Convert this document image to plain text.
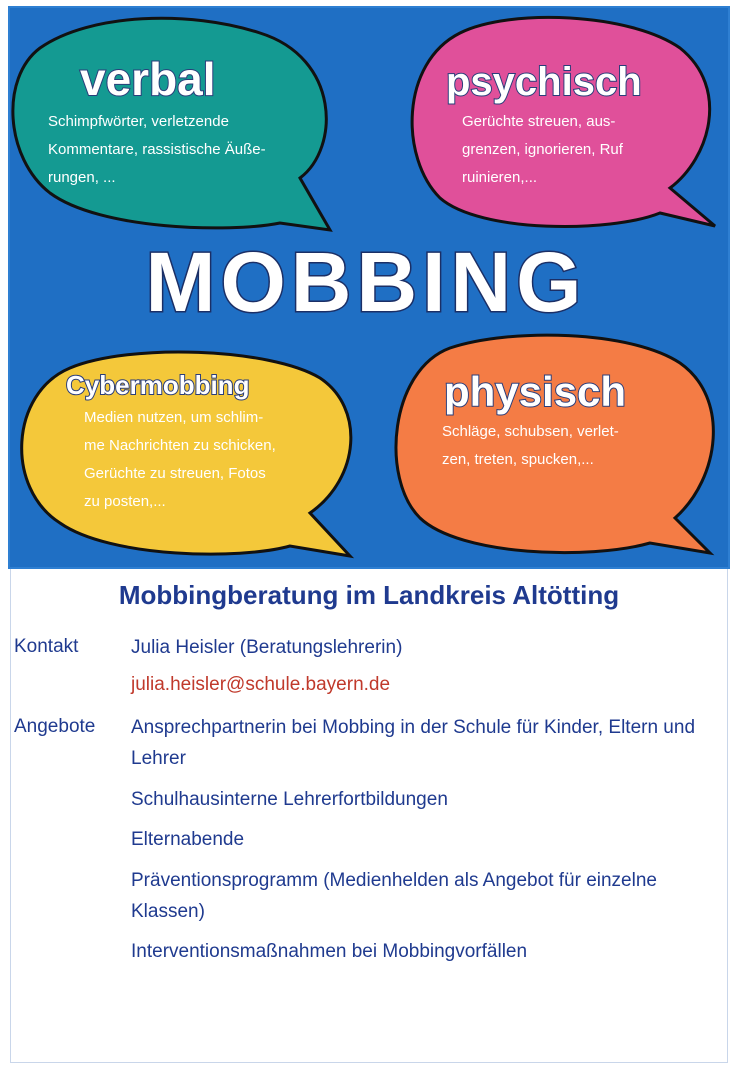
verbal
Schimpfwörter, verletzende
Kommentare, rassistische Äuße-
rungen, ...
psychisch
Gerüchte streuen, aus-
grenzen, ignorieren, Ruf
ruinieren,...
MOBBING
Cybermobbing
Medien nutzen, um schlim-
me Nachrichten zu schicken,
Gerüchte zu streuen, Fotos
zu posten,...
physisch
Schläge, schubsen, verlet-
zen, treten, spucken,...
Mobbingberatung im Landkreis Altötting
Kontakt	Julia Heisler (Beratungslehrerin)
julia.heisler@schule.bayern.de
Angebote Ansprechpartnerin bei Mobbing in der Schule für Kinder, Eltern und Lehrer
Schulhausinterne Lehrerfortbildungen
Elternabende
Präventionsprogramm (Medienhelden als Angebot für einzelne Klassen)
Interventionsmaßnahmen bei Mobbingvorfällen
